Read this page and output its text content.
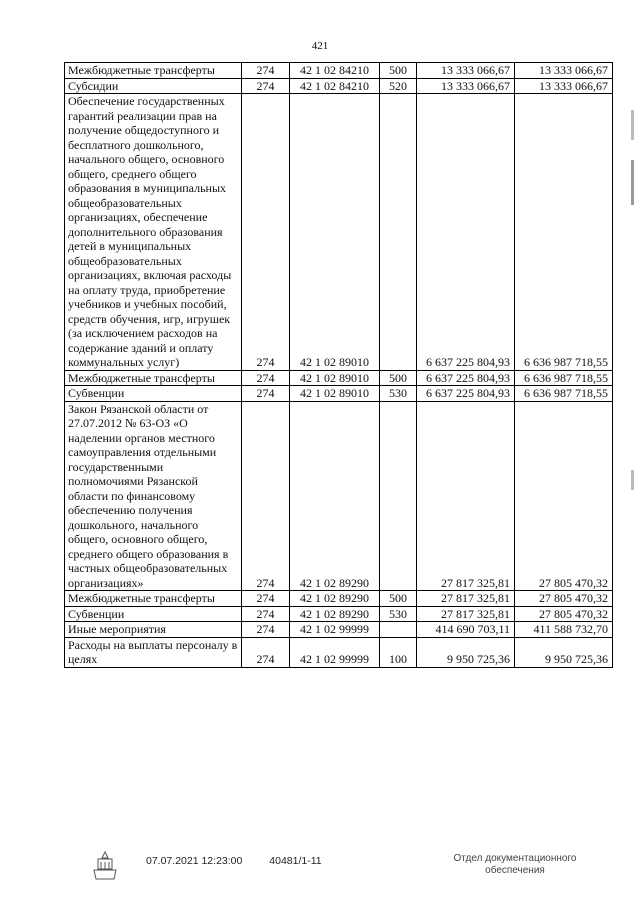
421
Межбюджетные трансферты	274	42 1 02 84210	500	13 333 066,67	13 333 066,67
Субсидии	274	42 1 02 84210	520	13 333 066,67	13 333 066,67
Обеспечение государственных гарантий реализации прав на получение общедоступного и бесплатного дошкольного, начального общего, основного общего, среднего общего образования в муниципальных общеобразовательных организациях, обеспечение дополнительного образования детей в муниципальных общеобразовательных организациях, включая расходы на оплату труда, приобретение учебников и учебных пособий, средств обучения, игр, игрушек (за исключением расходов на содержание зданий и оплату коммунальных услуг)	274	42 1 02 89010		6 637 225 804,93	6 636 987 718,55
Межбюджетные трансферты	274	42 1 02 89010	500	6 637 225 804,93	6 636 987 718,55
Субвенции	274	42 1 02 89010	530	6 637 225 804,93	6 636 987 718,55
Закон Рязанской области от 27.07.2012 № 63-ОЗ «О наделении органов местного самоуправления отдельными государственными полномочиями Рязанской области по финансовому обеспечению получения дошкольного, начального общего, основного общего, среднего общего образования в частных общеобразовательных организациях»	274	42 1 02 89290		27 817 325,81	27 805 470,32
Межбюджетные трансферты	274	42 1 02 89290	500	27 817 325,81	27 805 470,32
Субвенции	274	42 1 02 89290	530	27 817 325,81	27 805 470,32
Иные мероприятия	274	42 1 02 99999		414 690 703,11	411 588 732,70
Расходы на выплаты персоналу в целях	274	42 1 02 99999	100	9 950 725,36	9 950 725,36
07.07.2021 12:23:00	40481/1-11	Отдел документационного
обеспечения
